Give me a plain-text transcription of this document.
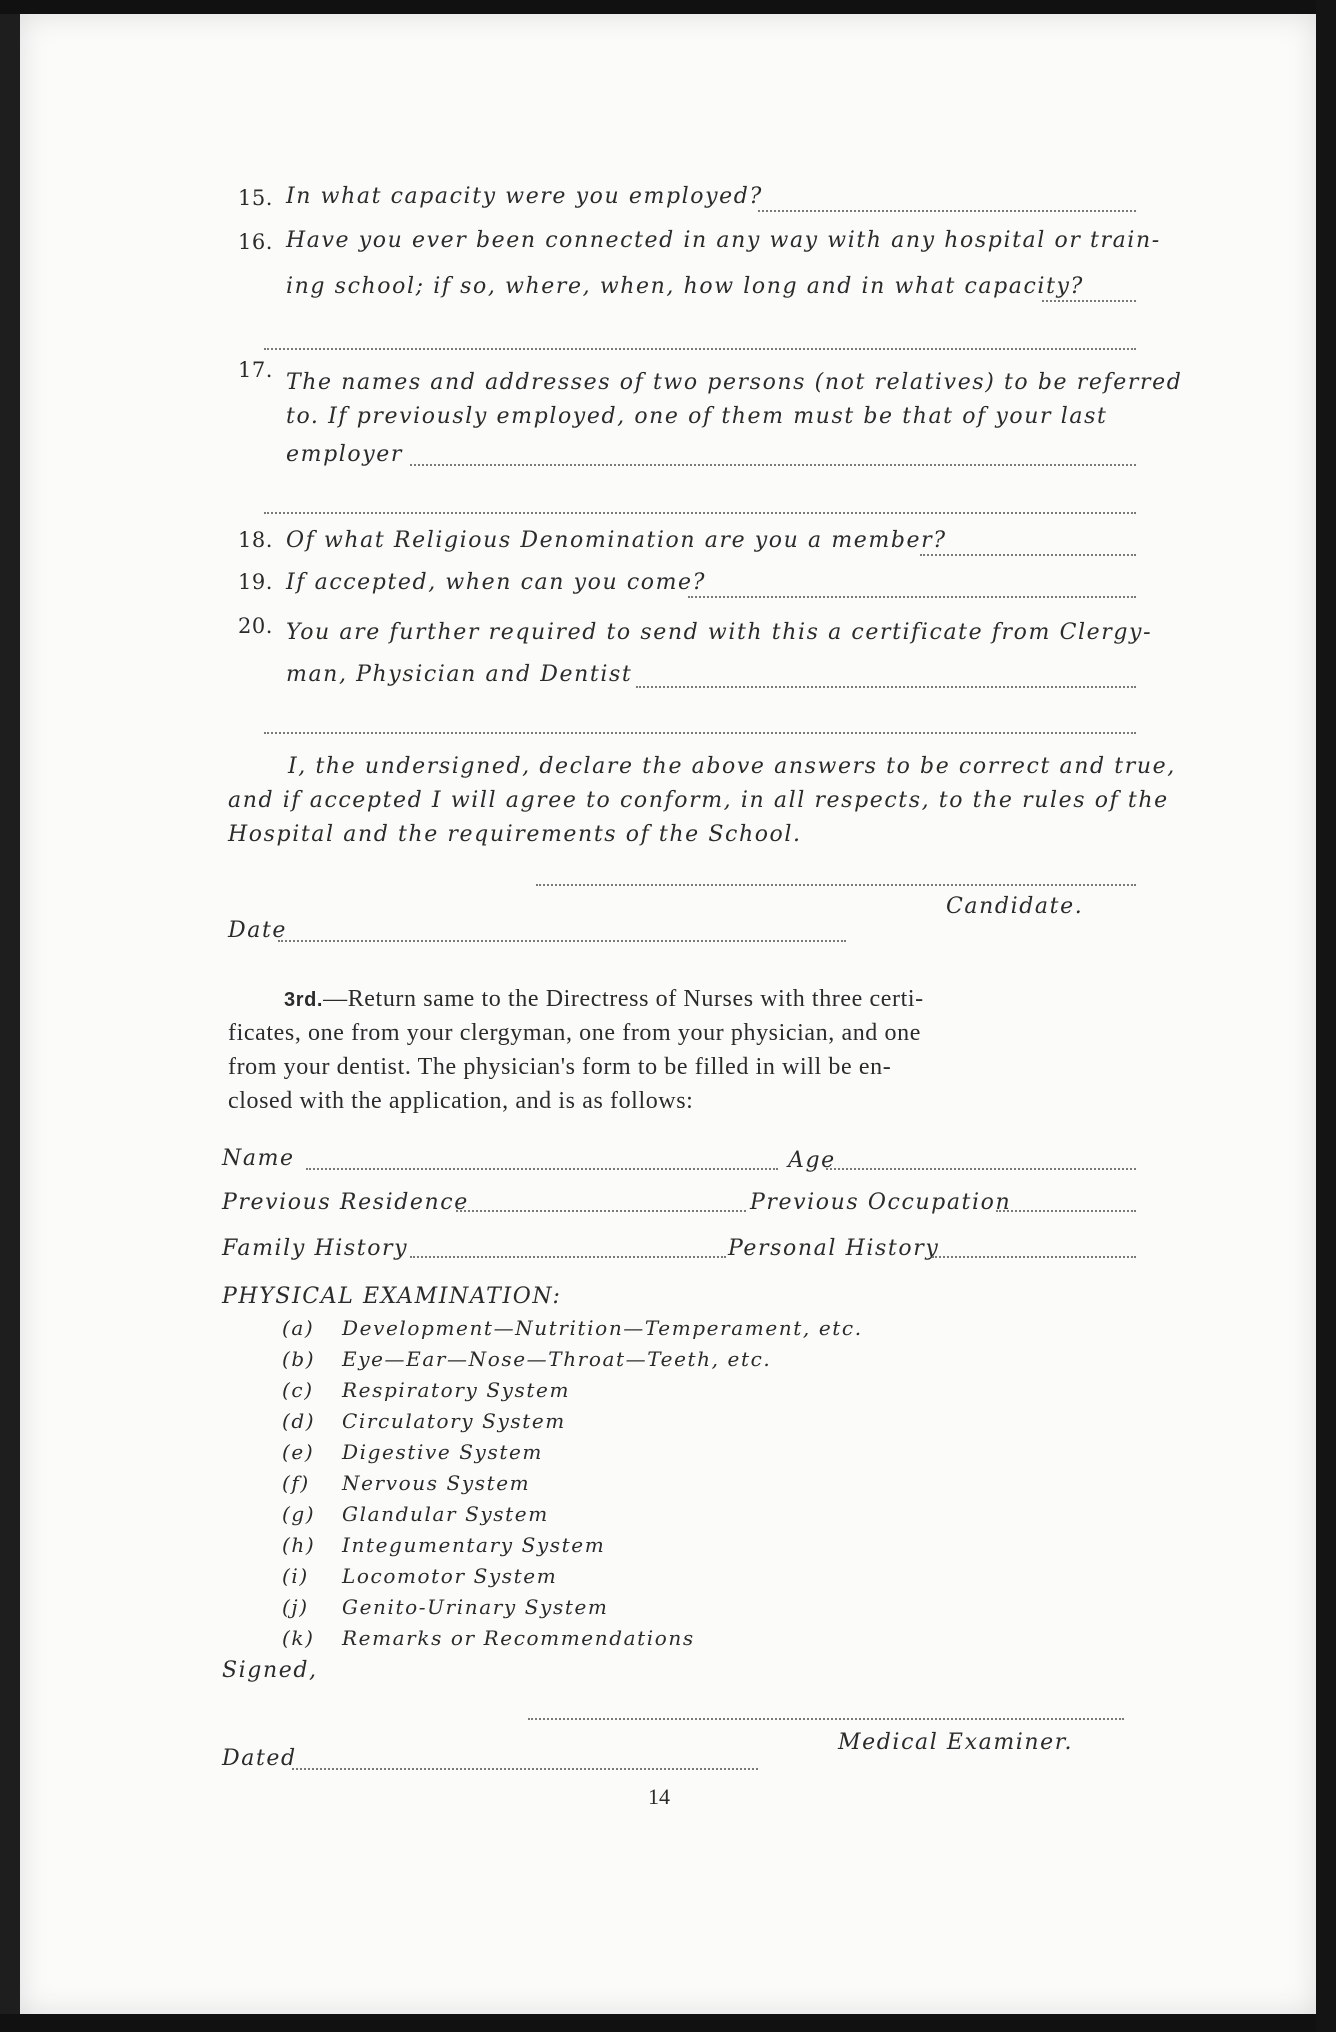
15. In what capacity were you employed?
16. Have you ever been connected in any way with any hospital or train-
ing school; if so, where, when, how long and in what capacity?
17. The names and addresses of two persons (not relatives) to be referred
to. If previously employed, one of them must be that of your last
employer
18. Of what Religious Denomination are you a member?
19. If accepted, when can you come?
20. You are further required to send with this a certificate from Clergy-
man, Physician and Dentist
I, the undersigned, declare the above answers to be correct and true,
and if accepted I will agree to conform, in all respects, to the rules of the
Hospital and the requirements of the School.
Candidate.
Date
3rd.—Return same to the Directress of Nurses with three certi-
ficates, one from your clergyman, one from your physician, and one
from your dentist. The physician's form to be filled in will be en-
closed with the application, and is as follows:
Name	Age
Previous Residence	Previous Occupation
Family History	Personal History
PHYSICAL EXAMINATION:
(a) Development—Nutrition—Temperament, etc.
(b) Eye—Ear—Nose—Throat—Teeth, etc.
(c) Respiratory System
(d) Circulatory System
(e) Digestive System
(f) Nervous System
(g) Glandular System
(h) Integumentary System
(i) Locomotor System
(j) Genito-Urinary System
(k) Remarks or Recommendations
Signed,
Medical Examiner.
Dated
14
